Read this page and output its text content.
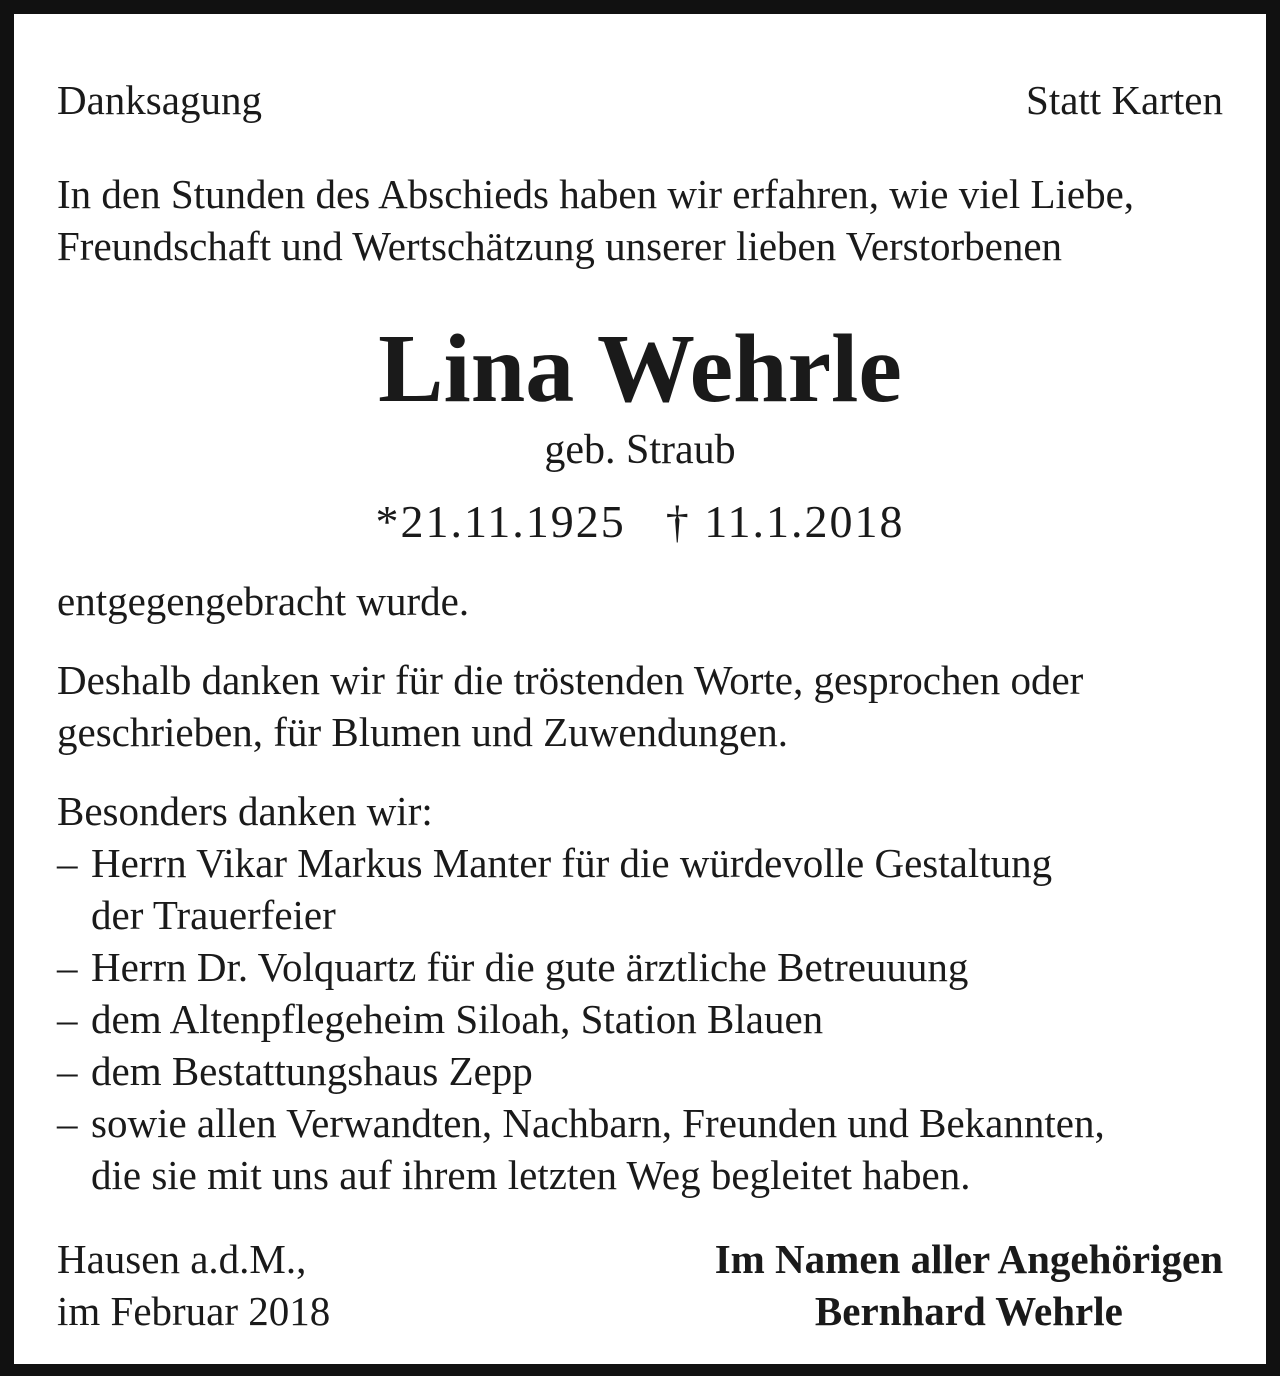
Danksagung	Statt Karten

In den Stunden des Abschieds haben wir erfahren, wie viel Liebe,
Freundschaft und Wertschätzung unserer lieben Verstorbenen

Lina Wehrle

geb. Straub

*21.11.1925 † 11.1.2018

entgegengebracht wurde.

Deshalb danken wir für die tröstenden Worte, gesprochen oder
geschrieben, für Blumen und Zuwendungen.
Besonders danken wir:
– Herrn Vikar Markus Manter für die würdevolle Gestaltung
der Trauerfeier
– Herrn Dr. Volquartz für die gute ärztliche Betreuuung
– dem Altenpflegeheim Siloah, Station Blauen
– dem Bestattungshaus Zepp
– sowie allen Verwandten, Nachbarn, Freunden und Bekannten,
die sie mit uns auf ihrem letzten Weg begleitet haben.
Hausen a.d.M.,
im Februar 2018
Im Namen aller Angehörigen
Bernhard Wehrle
